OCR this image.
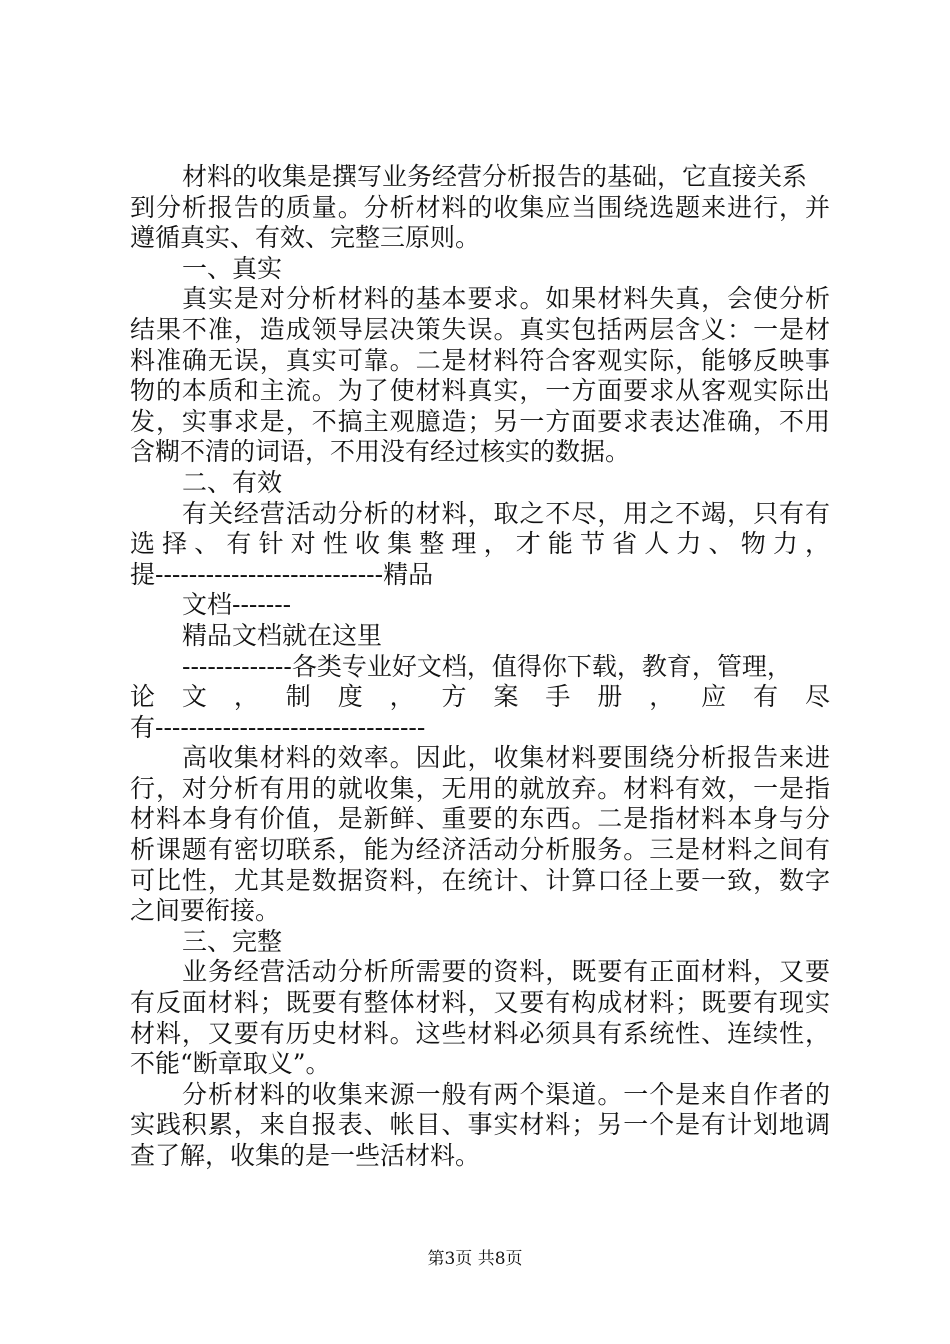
材料的收集是撰写业务经营分析报告的基础，它直接关系
到分析报告的质量。分析材料的收集应当围绕选题来进行，并
遵循真实、有效、完整三原则。
一、真实
真实是对分析材料的基本要求。如果材料失真，会使分析
结果不准，造成领导层决策失误。真实包括两层含义：一是材
料准确无误，真实可靠。二是材料符合客观实际，能够反映事
物的本质和主流。为了使材料真实，一方面要求从客观实际出
发，实事求是，不搞主观臆造；另一方面要求表达准确，不用
含糊不清的词语，不用没有经过核实的数据。
二、有效
有关经营活动分析的材料，取之不尽，用之不竭，只有有
选择、有针对性收集整理，才能节省人力、物力，
提---------------------------精品
文档-------
精品文档就在这里
-------------各类专业好文档，值得你下载，教育，管理，
论文，制度，方案手册，应有尽
有--------------------------------
高收集材料的效率。因此，收集材料要围绕分析报告来进
行，对分析有用的就收集，无用的就放弃。材料有效，一是指
材料本身有价值，是新鲜、重要的东西。二是指材料本身与分
析课题有密切联系，能为经济活动分析服务。三是材料之间有
可比性，尤其是数据资料，在统计、计算口径上要一致，数字
之间要衔接。
三、完整
业务经营活动分析所需要的资料，既要有正面材料，又要
有反面材料；既要有整体材料，又要有构成材料；既要有现实
材料，又要有历史材料。这些材料必须具有系统性、连续性，
不能“断章取义”。
分析材料的收集来源一般有两个渠道。一个是来自作者的
实践积累，来自报表、帐目、事实材料；另一个是有计划地调
查了解，收集的是一些活材料。
第3页 共8页
